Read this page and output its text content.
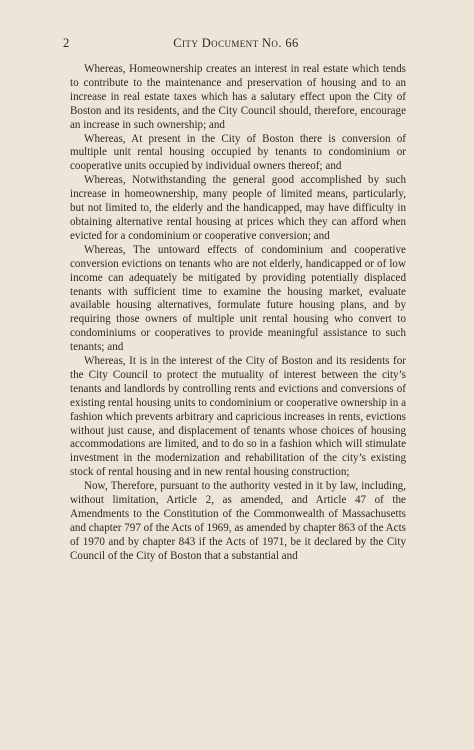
2	City Document No. 66

Whereas, Homeownership creates an interest in real estate which tends to contribute to the maintenance and preservation of housing and to an increase in real estate taxes which has a salutary effect upon the City of Boston and its residents, and the City Council should, therefore, encourage an increase in such ownership; and

Whereas, At present in the City of Boston there is conversion of multiple unit rental housing occupied by tenants to condominium or cooperative units occupied by individual owners thereof; and

Whereas, Notwithstanding the general good accomplished by such increase in homeownership, many people of limited means, particularly, but not limited to, the elderly and the handicapped, may have difficulty in obtaining alternative rental housing at prices which they can afford when evicted for a condominium or cooperative conversion; and

Whereas, The untoward effects of condominium and cooperative conversion evictions on tenants who are not elderly, handicapped or of low income can adequately be mitigated by providing potentially displaced tenants with sufficient time to examine the housing market, evaluate available housing alternatives, formulate future housing plans, and by requiring those owners of multiple unit rental housing who convert to condominiums or cooperatives to provide meaningful assistance to such tenants; and

Whereas, It is in the interest of the City of Boston and its residents for the City Council to protect the mutuality of interest between the city’s tenants and landlords by controlling rents and evictions and conversions of existing rental housing units to condominium or cooperative ownership in a fashion which prevents arbitrary and capricious increases in rents, evictions without just cause, and displacement of tenants whose choices of housing accommodations are limited, and to do so in a fashion which will stimulate investment in the modernization and rehabilitation of the city’s existing stock of rental housing and in new rental housing construction;

Now, Therefore, pursuant to the authority vested in it by law, including, without limitation, Article 2, as amended, and Article 47 of the Amendments to the Constitution of the Commonwealth of Massachusetts and chapter 797 of the Acts of 1969, as amended by chapter 863 of the Acts of 1970 and by chapter 843 if the Acts of 1971, be it declared by the City Council of the City of Boston that a substantial and
